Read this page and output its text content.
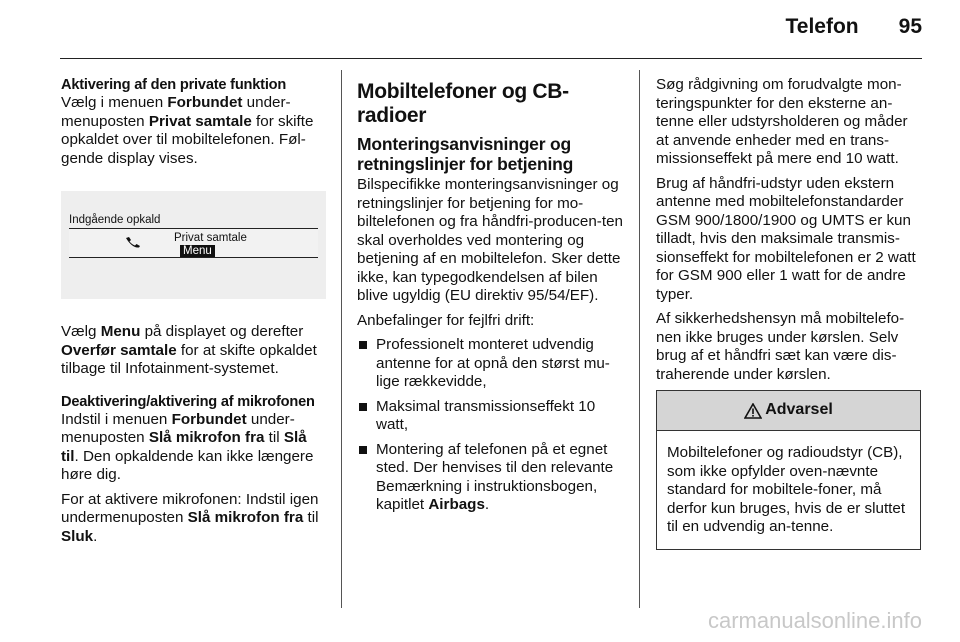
Telefon 95
Aktivering af den private funktion

Vælg i menuen Forbundet under-menuposten Privat samtale for skifte opkaldet over til mobiltelefonen. Føl-gende display vises.

Indgående opkald
Privat samtale
Menu

Vælg Menu på displayet og derefter Overfør samtale for at skifte opkaldet tilbage til Infotainment-systemet.

Deaktivering/aktivering af mikrofonen

Indstil i menuen Forbundet under-menuposten Slå mikrofon fra til Slå til. Den opkaldende kan ikke længere høre dig.

For at aktivere mikrofonen: Indstil igen undermenuposten Slå mikrofon fra til Sluk.

Mobiltelefoner og CB-radioer
Monteringsanvisninger og retningslinjer for betjening

Bilspecifikke monteringsanvisninger og retningslinjer for betjening for mo-biltelefonen og fra håndfri-producen-ten skal overholdes ved montering og betjening af en mobiltelefon. Sker dette ikke, kan typegodkendelsen af bilen blive ugyldig (EU direktiv 95/54/EF).

Anbefalinger for fejlfri drift:

Professionelt monteret udvendig antenne for at opnå den størst mu-lige rækkevidde,
Maksimal transmissionseffekt 10 watt,
Montering af telefonen på et egnet sted. Der henvises til den relevante Bemærkning i instruktionsbogen, kapitlet Airbags.

Søg rådgivning om forudvalgte mon-teringspunkter for den eksterne an-tenne eller udstyrsholderen og måder at anvende enheder med en trans-missionseffekt på mere end 10 watt.

Brug af håndfri-udstyr uden ekstern antenne med mobiltelefonstandarder GSM 900/1800/1900 og UMTS er kun tilladt, hvis den maksimale transmis-sionseffekt for mobiltelefonen er 2 watt for GSM 900 eller 1 watt for de andre typer.

Af sikkerhedshensyn må mobiltelefo-nen ikke bruges under kørslen. Selv brug af et håndfri sæt kan være dis-traherende under kørslen.

Advarsel
Mobiltelefoner og radioudstyr (CB), som ikke opfylder oven-nævnte standard for mobiltele-foner, må derfor kun bruges, hvis de er sluttet til en udvendig an-tenne.
carmanualsonline.info
